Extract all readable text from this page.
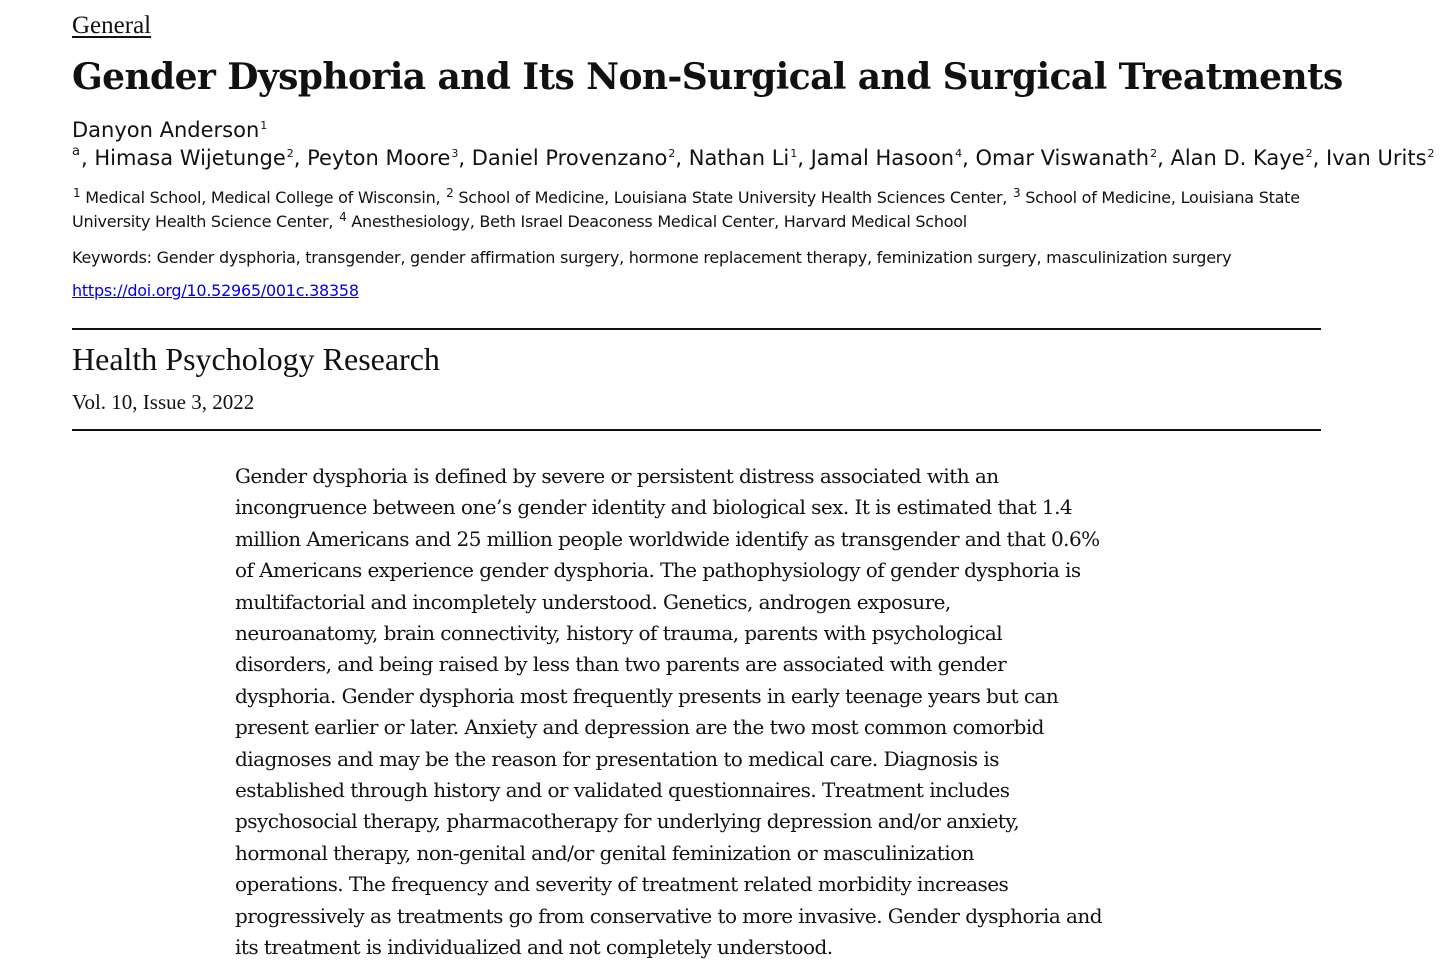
General
Gender Dysphoria and Its Non-Surgical and Surgical Treatments
Danyon Anderson$^1$
$^a$, Himasa Wijetunge$^2$, Peyton Moore$^3$, Daniel Provenzano$^2$, Nathan Li$^1$, Jamal Hasoon$^4$, Omar Viswanath$^2$, Alan D. Kaye$^2$, Ivan Urits$^2$
$^1$ Medical School, Medical College of Wisconsin, $^2$ School of Medicine, Louisiana State University Health Sciences Center, $^3$ School of Medicine, Louisiana State University Health Science Center, $^4$ Anesthesiology, Beth Israel Deaconess Medical Center, Harvard Medical School
Keywords: Gender dysphoria, transgender, gender affirmation surgery, hormone replacement therapy, feminization surgery, masculinization surgery
https://doi.org/10.52965/001c.38358
Health Psychology Research
Vol. 10, Issue 3, 2022

Gender dysphoria is defined by severe or persistent distress associated with an
incongruence between one’s gender identity and biological sex. It is estimated that 1.4
million Americans and 25 million people worldwide identify as transgender and that 0.6%
of Americans experience gender dysphoria. The pathophysiology of gender dysphoria is
multifactorial and incompletely understood. Genetics, androgen exposure,
neuroanatomy, brain connectivity, history of trauma, parents with psychological
disorders, and being raised by less than two parents are associated with gender
dysphoria. Gender dysphoria most frequently presents in early teenage years but can
present earlier or later. Anxiety and depression are the two most common comorbid
diagnoses and may be the reason for presentation to medical care. Diagnosis is
established through history and or validated questionnaires. Treatment includes
psychosocial therapy, pharmacotherapy for underlying depression and/or anxiety,
hormonal therapy, non-genital and/or genital feminization or masculinization
operations. The frequency and severity of treatment related morbidity increases
progressively as treatments go from conservative to more invasive. Gender dysphoria and
its treatment is individualized and not completely understood.
